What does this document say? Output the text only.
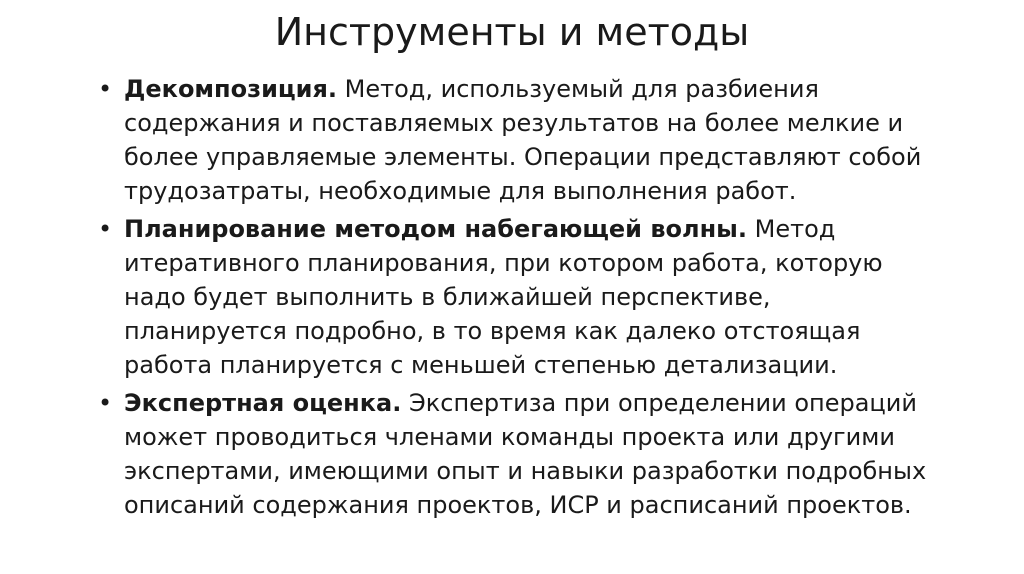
Инструменты и методы
• Декомпозиция. Метод, используемый для разбиения содержания и поставляемых результатов на более мелкие и более управляемые элементы. Операции представляют собой трудозатраты, необходимые для выполнения работ.
• Планирование методом набегающей волны. Метод итеративного планирования, при котором работа, которую надо будет выполнить в ближайшей перспективе, планируется подробно, в то время как далеко отстоящая работа планируется с меньшей степенью детализации.
• Экспертная оценка. Экспертиза при определении операций может проводиться членами команды проекта или другими экспертами, имеющими опыт и навыки разработки подробных описаний содержания проектов, ИСР и расписаний проектов.
